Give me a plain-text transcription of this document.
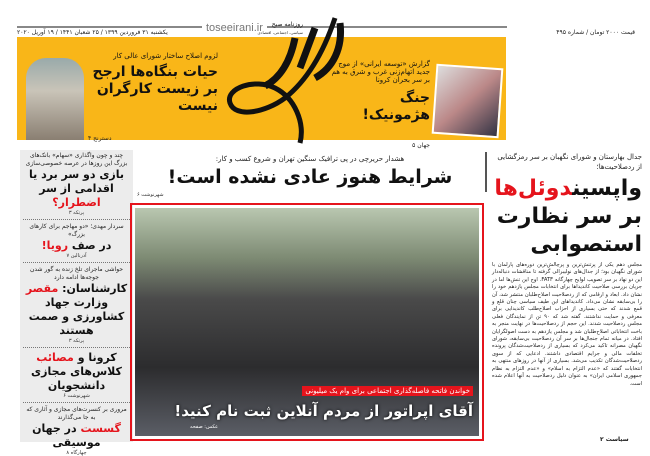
یکشنبه ۳۱ فروردین ۱۳۹۹ / ۲۵ شعبان ۱۴۴۱ / ۱۹ آوریل ۲۰۲۰	toseeirani.ir	قیمت ۲۰۰۰ تومان / شماره ۴۹۵
لزوم اصلاح ساختار شورای عالی کار
حیات بنگاه‌ها ارجح بر زیست کارگران نیست
دسترنج ۴
روزنامه صبح
سیاسی، اجتماعی، اقتصادی
گزارش «توسعه ایرانی» از موج جدید اتهام‌زنی غرب و شرق به هم بر سر بحران کرونا
جنگ هژمونیک!
جهان ۵
چند و چون واگذاری «سهام» بانک‌های بزرگ این روزها در عرصه خصوصی‌سازی
بازی دو سر برد یا اقدامی از سر اضطرار؟
پرتکه ۳
سردار مهدی؛ «دو مهاجم برای کارهای بزرگ»
در صف رویا!
آدرنالین ۷
حواشی ماجرای تلخ زنده به گور شدن جوجه‌ها ادامه دارد
کارشناسان: مقصر وزارت جهاد کشاورزی و صمت هستند
پرتکه ۳
کرونا و مصائب کلاس‌های مجازی دانشجویان
شهرنوشت ۶
مروری بر کنسرت‌های مجازی و آثاری که به جا می‌گذارند
گسست در جهان موسیقی
چهارگاه ۸
هشدار حریرچی در پی ترافیک سنگین تهران و شروع کسب و کار:
شرایط هنوز عادی نشده است!
شهرنوشت ۶
خواندن فاتحه فاصله‌گذاری اجتماعی برای وام یک میلیونی
آقای اپراتور از مردم آنلاین ثبت نام کنید!
عکس: صفحه
جدال بهارستان و شورای نگهبان بر سر رمزگشایی از ردصلاحیت‌ها؛
واپسیندوئل‌ها بر سر نظارت استصوابی
مجلس دهم یکی از پرتنش‌ترین و پرچالش‌ترین دوره‌های پارلمان با شورای نگهبان بود؛ از جدال‌های نولیبرالی گرفته تا مناقشات دنباله‌دار این دو نهاد بر سر تصویب لوایح چهارگانه FATF. اوج این تنش‌ها اما در جریان بررسی صلاحیت کاندیداها برای انتخابات مجلس یازدهم خود را نشان داد. ابعاد و ارقامی که از ردصلاحیت اصلاح‌طلبان منتشر شد، آن را بی‌سابقه نشان می‌داد. کاندیداهای این طیف سیاسی چنان قلع و قمع شدند که حتی بسیاری از احزاب اصلاح‌طلب کاندیدایی برای معرفی و حمایت نداشتند. گفته شد که ۹۰ تن از نمایندگان فعلی مجلس ردصلاحیت شدند. این حجم از ردصلاحیت‌ها در نهایت منجر به باخت انتخاباتی اصلاح‌طلبان شد و مجلس یازدهم به دست اصولگرایان افتاد. در میانه تمام جنجال‌ها بر سر آن ردصلاحیت بی‌سابقه، شورای نگهبان مصرانه تاکید می‌کرد که بسیاری از ردصلاحیت‌شدگان پرونده تخلفات مالی و جرایم اقتصادی داشتند. ادعایی که از سوی ردصلاحیت‌شدگان تکذیب می‌شد. بسیاری از آنها در روزهای منتهی به انتخابات گفتند که «عدم التزام به اسلام» و «عدم التزام به نظام جمهوری اسلامی ایران» به عنوان دلیل ردصلاحیت به آنها اعلام شده است.
سیاست ۲
